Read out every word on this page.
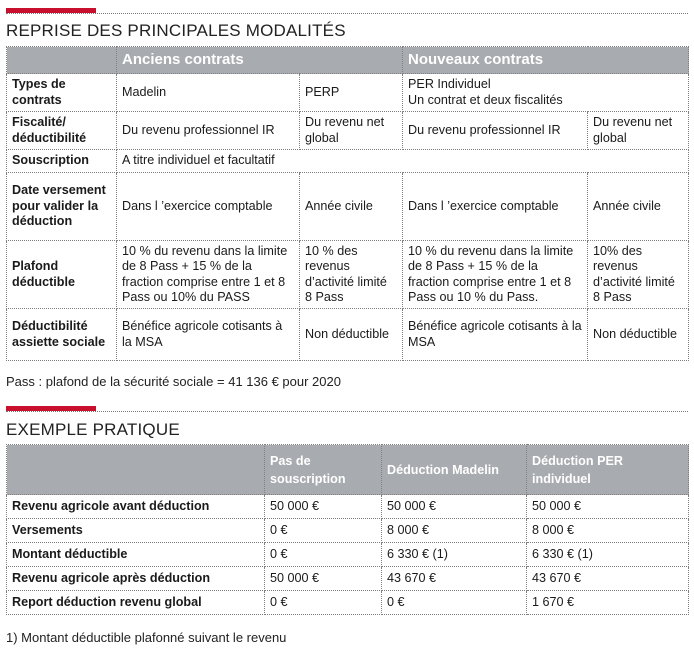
REPRISE DES PRINCIPALES MODALITÉS
	Anciens contrats		Nouveaux contrats	
Types de contrats	Madelin	PERP	PER Individuel
Un contrat et deux fiscalités	
Fiscalité/ déductibilité	Du revenu professionnel IR	Du revenu net global	Du revenu professionnel IR	Du revenu net global
Souscription	A titre individuel et facultatif			
Date versement pour valider la déduction	Dans l ’exercice comptable	Année civile	Dans l ’exercice comptable	Année civile
Plafond déductible	10 % du revenu dans la limite de 8 Pass + 15 % de la fraction comprise entre 1 et 8 Pass ou 10% du PASS	10 % des revenus d’activité limité 8 Pass	10 % du revenu dans la limite de 8 Pass + 15 % de la fraction comprise entre 1 et 8 Pass ou 10 % du Pass.	10% des revenus d’activité limité 8 Pass
Déductibilité assiette sociale	Bénéfice agricole cotisants à la MSA	Non déductible	Bénéfice agricole cotisants à la MSA	Non déductible
Pass : plafond de la sécurité sociale = 41 136 € pour 2020
EXEMPLE PRATIQUE
	Pas de souscription	Déduction Madelin	Déduction PER individuel
Revenu agricole avant déduction	50 000 €	50 000 €	50 000 €
Versements	0 €	8 000 €	8 000 €
Montant déductible	0 €	6 330 € (1)	6 330 € (1)
Revenu agricole après déduction	50 000 €	43 670 €	43 670 €
Report déduction revenu global	0 €	0 €	1 670 €
1) Montant déductible plafonné suivant le revenu
